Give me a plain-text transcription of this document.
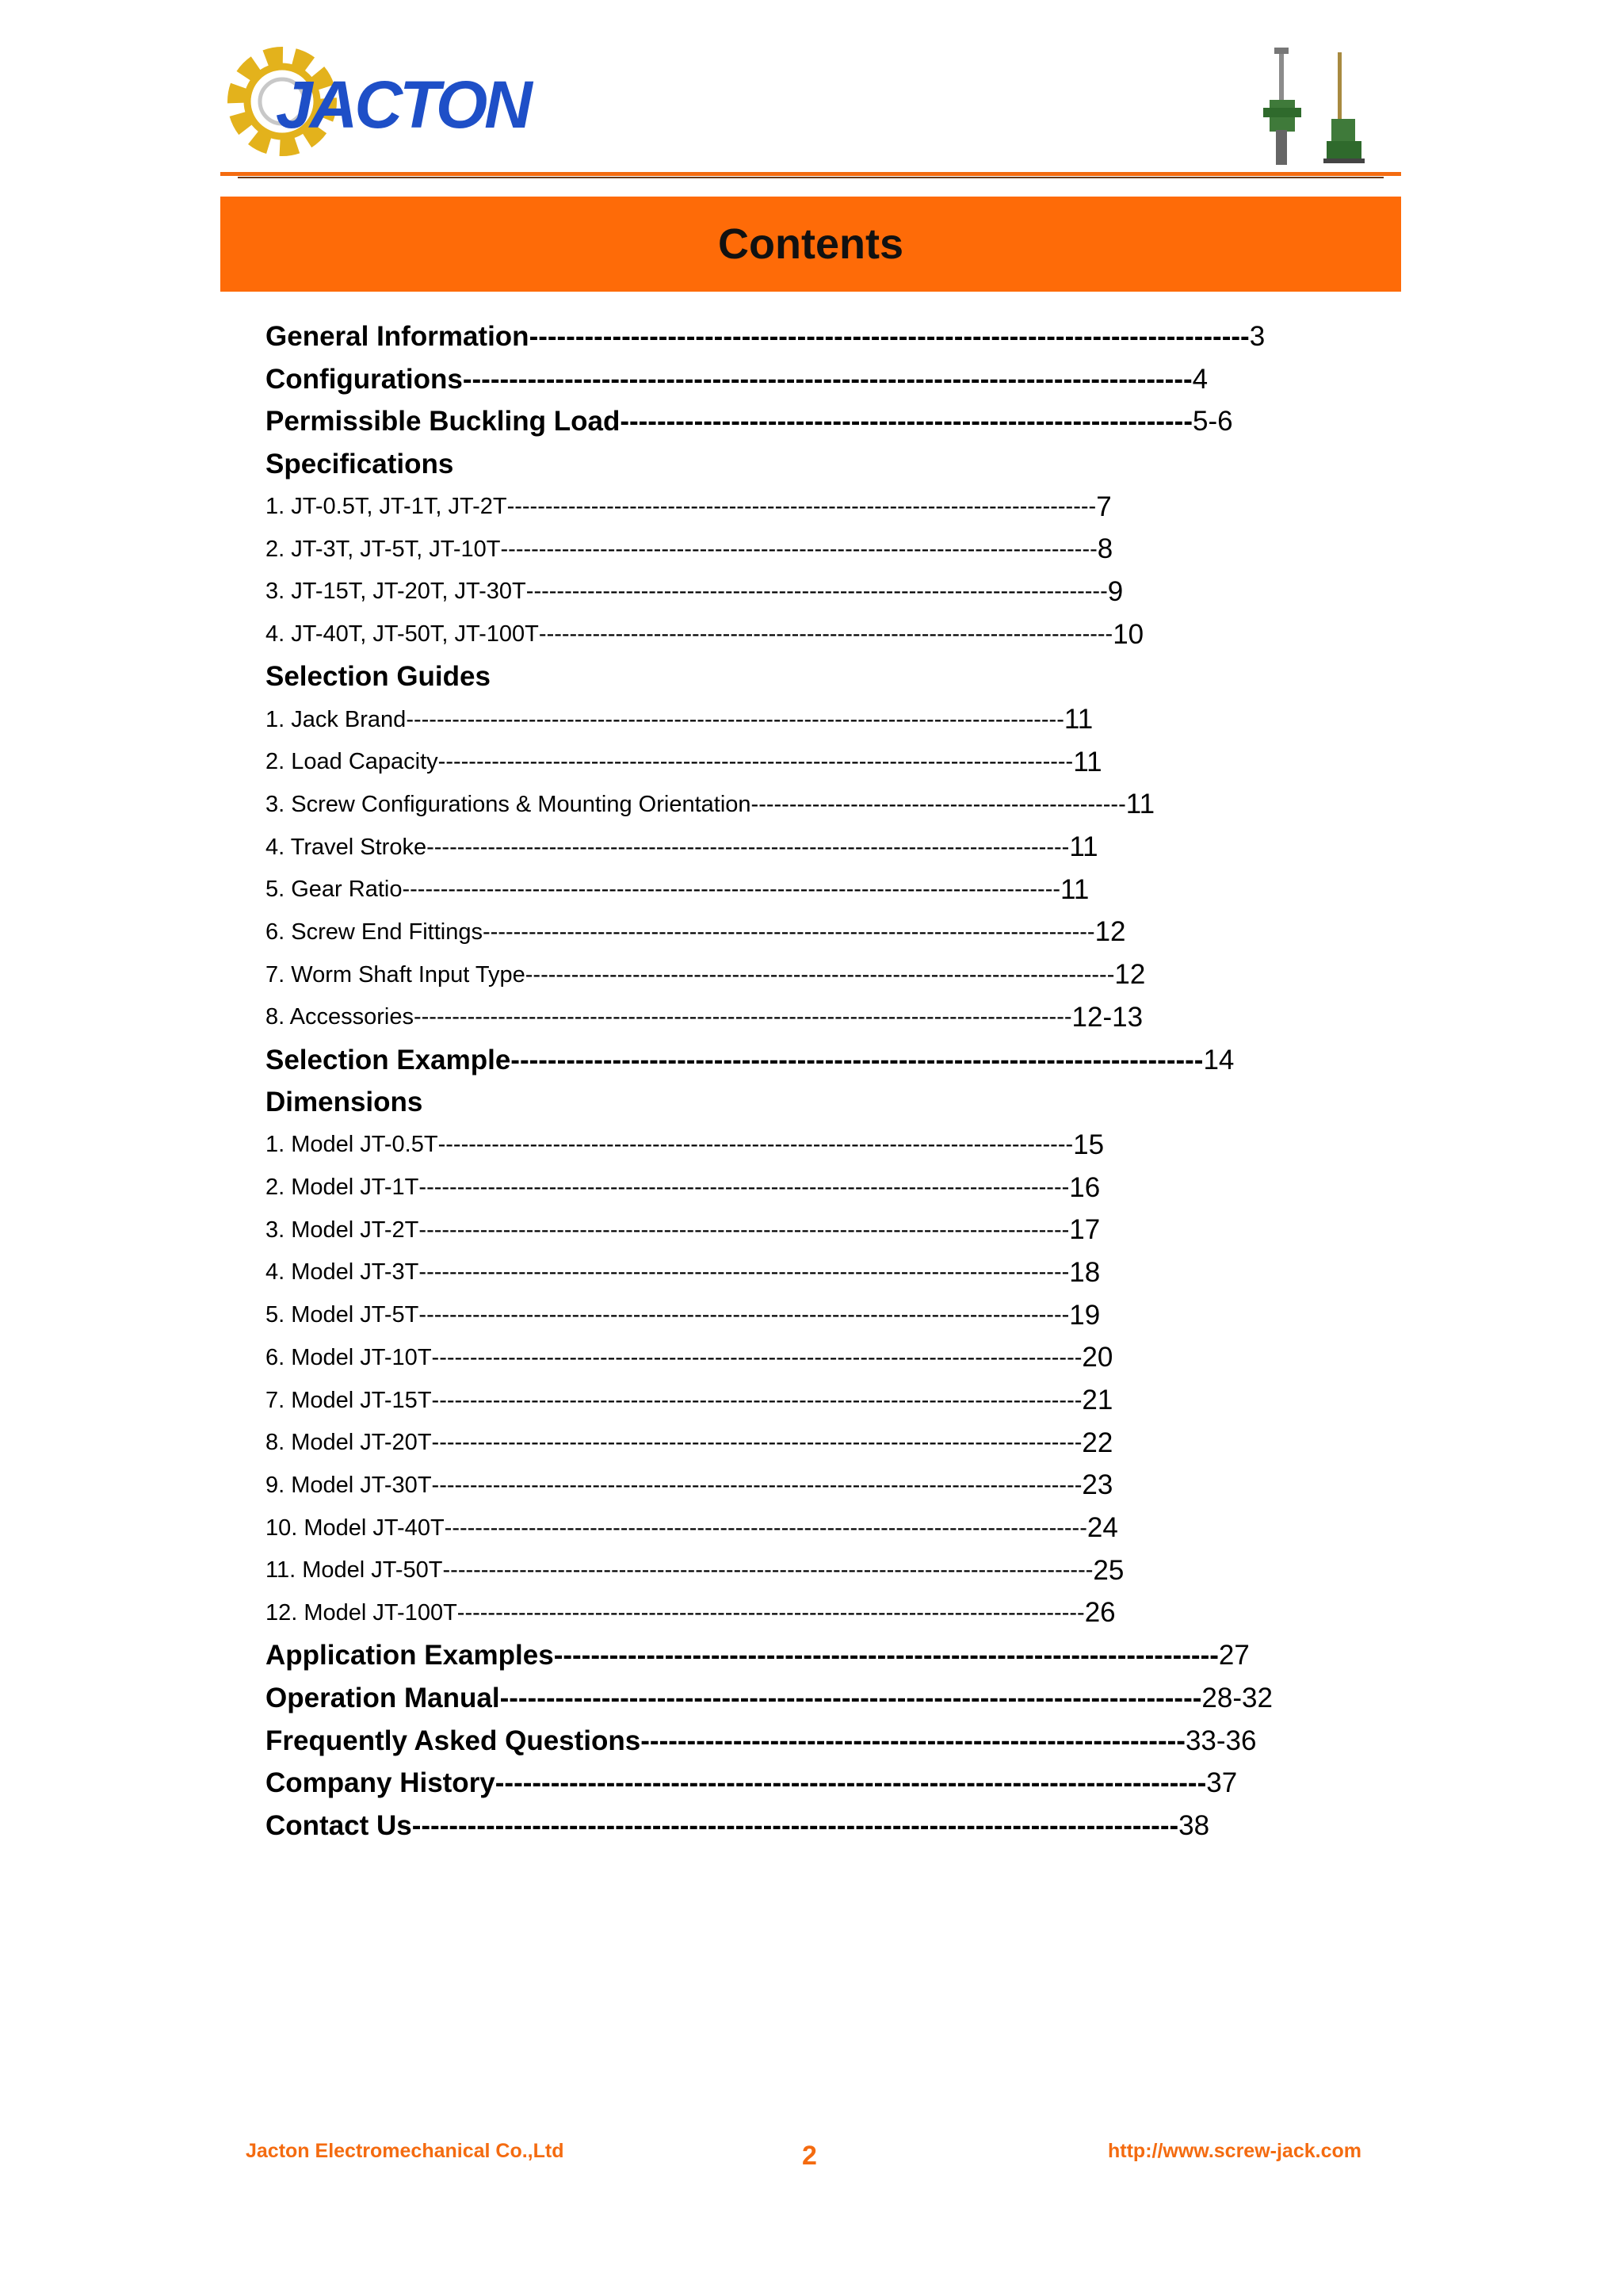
JACTON
Contents
General Information ------------------------------------------------------------------------------ 3
Configurations ------------------------------------------------------------------------------- 4
Permissible Buckling Load -------------------------------------------------------------- 5-6
Specifications
1. JT-0.5T, JT-1T, JT-2T ----------------------------------------------------------------------------- 7
2. JT-3T, JT-5T, JT-10T ------------------------------------------------------------------------------ 8
3. JT-15T, JT-20T, JT-30T ---------------------------------------------------------------------------- 9
4. JT-40T, JT-50T, JT-100T --------------------------------------------------------------------------- 10
Selection Guides
1. Jack Brand -------------------------------------------------------------------------------------- 11
2. Load Capacity ----------------------------------------------------------------------------------- 11
3. Screw Configurations & Mounting Orientation ------------------------------------------------- 11
4. Travel Stroke ------------------------------------------------------------------------------------ 11
5. Gear Ratio -------------------------------------------------------------------------------------- 11
6. Screw End Fittings -------------------------------------------------------------------------------- 12
7. Worm Shaft Input Type ----------------------------------------------------------------------------- 12
8. Accessories -------------------------------------------------------------------------------------- 12-13
Selection Example --------------------------------------------------------------------------- 14
Dimensions
1. Model JT-0.5T ----------------------------------------------------------------------------------- 15
2. Model JT-1T ------------------------------------------------------------------------------------- 16
3. Model JT-2T ------------------------------------------------------------------------------------- 17
4. Model JT-3T ------------------------------------------------------------------------------------- 18
5. Model JT-5T ------------------------------------------------------------------------------------- 19
6. Model JT-10T ------------------------------------------------------------------------------------- 20
7. Model JT-15T ------------------------------------------------------------------------------------- 21
8. Model JT-20T ------------------------------------------------------------------------------------- 22
9. Model JT-30T ------------------------------------------------------------------------------------- 23
10. Model JT-40T ------------------------------------------------------------------------------------ 24
11. Model JT-50T ------------------------------------------------------------------------------------- 25
12. Model JT-100T ---------------------------------------------------------------------------------- 26
Application Examples ------------------------------------------------------------------------ 27
Operation Manual ---------------------------------------------------------------------------- 28-32
Frequently Asked Questions ----------------------------------------------------------- 33-36
Company History ----------------------------------------------------------------------------- 37
Contact Us ----------------------------------------------------------------------------------- 38
Jacton Electromechanical Co.,Ltd	2	http://www.screw-jack.com
